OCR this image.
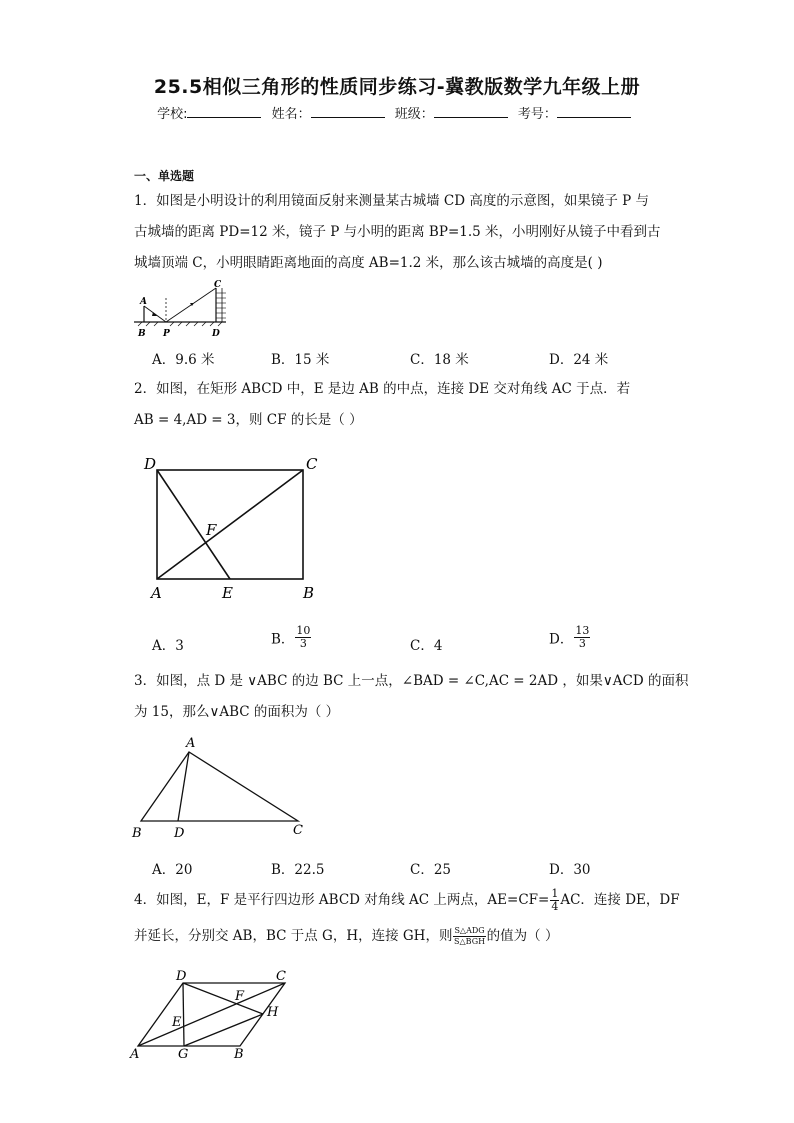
25.5相似三角形的性质同步练习-冀教版数学九年级上册
学校:	姓名：	班级：	考号：
一、单选题
1．如图是小明设计的利用镜面反射来测量某古城墙 CD 高度的示意图，如果镜子 P 与
古城墙的距离 PD=12 米，镜子 P 与小明的距离 BP=1.5 米，小明刚好从镜子中看到古
城墙顶端 C，小明眼睛距离地面的高度 AB=1.2 米，那么该古城墙的高度是( )
A
B P
C
D
A．9.6 米	B．15 米	C．18 米	D．24 米
2．如图，在矩形 ABCD 中，E 是边 AB 的中点，连接 DE 交对角线 AC 于点．若
AB = 4,AD = 3，则 CF 的长是（ ）
D	C
F
A	E	B
A．3	B． $\frac{10}{3}$	C．4	D． $\frac{13}{3}$
3．如图，点 D 是 ∨ABC 的边 BC 上一点，∠BAD = ∠C,AC = 2AD ，如果∨ACD 的面积
为 15，那么∨ABC 的面积为（ ）
A
B D	C
A．20	B．22.5	C．25	D．30
4．如图，E，F 是平行四边形 ABCD 对角线 AC 上两点，$AE=CF= \frac{1}{4}$ AC．连接 DE，DF
并延长，分别交 AB，BC 于点 G，H，连接 GH，则 $\frac{\text{S△ADG}}{\text{S△BGH}}$ 的值为（ ）
D	C
F
H
E
A	G	B
